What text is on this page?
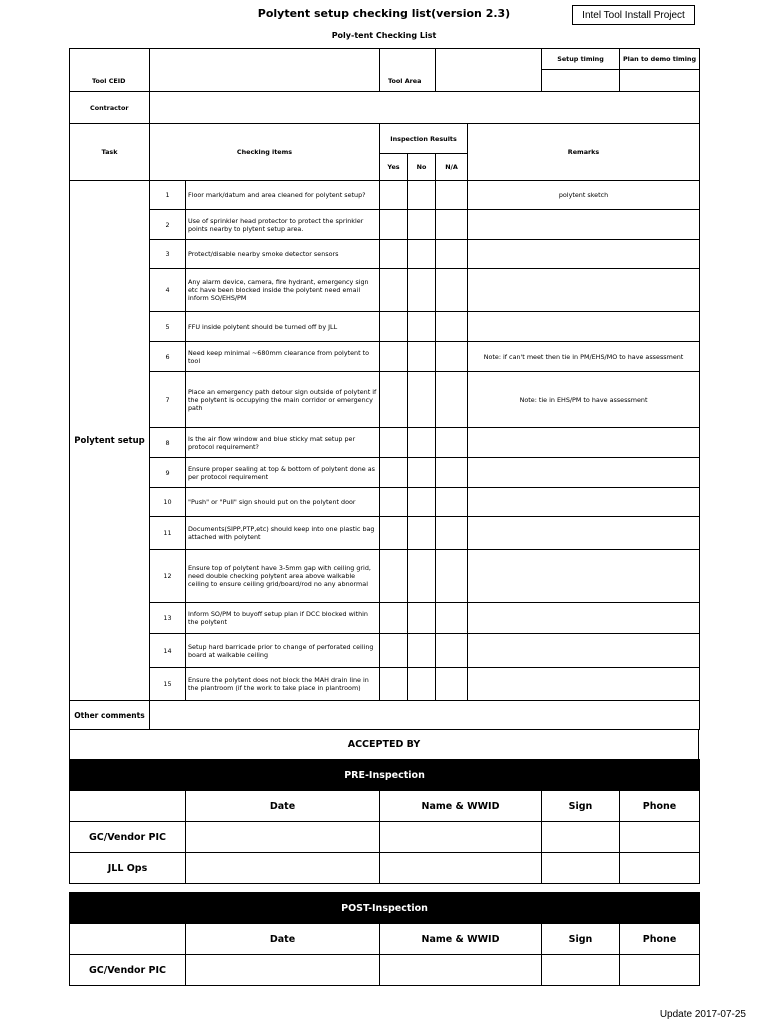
Polytent setup checking list(version 2.3)	Intel Tool Install Project
Poly-tent Checking List
Tool CEID			Tool Area				Setup timing	Plan to demo timing

Contractor								
Task	Checking items		Inspection Results			Remarks		
			Yes	No	N/A			
Polytent setup	1	Floor mark/datum and area cleaned for polytent setup?				polytent sketch		
	2	Use of sprinkler head protector to protect the sprinkler points nearby to plytent setup area.						
	3	Protect/disable nearby smoke detector sensors						
	4	Any alarm device, camera, fire hydrant, emergency sign etc have been blocked inside the polytent need email inform SO/EHS/PM						
	5	FFU inside polytent should be turned off by JLL						
	6	Need keep minimal ~680mm clearance from polytent to tool				Note: if can't meet then tie in PM/EHS/MO to have assessment		
	7	Place an emergency path detour sign outside of polytent if the polytent is occupying the main corridor or emergency path				Note: tie in EHS/PM to have assessment		
	8	Is the air flow window and blue sticky mat setup per protocol requirement?						
	9	Ensure proper sealing at top & bottom of polytent done as per protocol requirement						
	10	"Push" or "Pull" sign should put on the polytent door						
	11	Documents(SIPP,PTP,etc) should keep into one plastic bag attached with polytent						
	12	Ensure top of polytent have 3-5mm gap with ceiling grid, need double checking polytent area above walkable ceiling to ensure ceiling grid/board/rod no any abnormal						
	13	Inform SO/PM to buyoff setup plan if DCC blocked within the polytent						
	14	Setup hard barricade prior to change of perforated ceiling board at walkable ceiling						
	15	Ensure the polytent does not block the MAH drain line in the plantroom (if the work to take place in plantroom)						
Other comments								
ACCEPTED BY
PRE-Inspection				
	Date	Name & WWID	Sign	Phone
GC/Vendor PIC				
JLL Ops				
POST-Inspection				
	Date	Name & WWID	Sign	Phone
GC/Vendor PIC				
Update 2017-07-25
